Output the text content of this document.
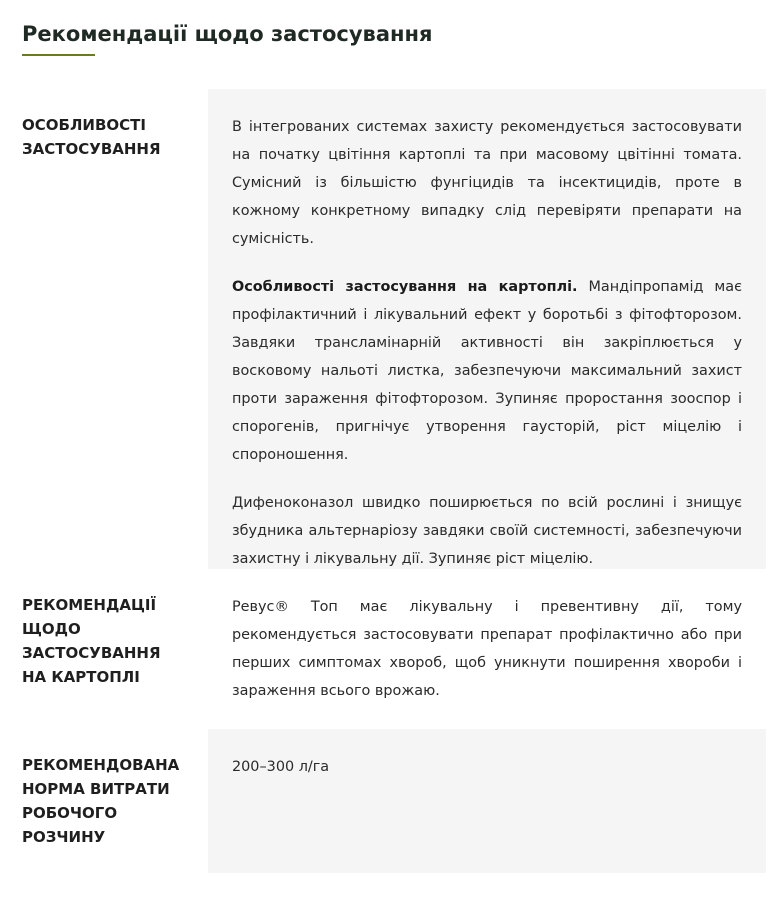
Рекомендації щодо застосування
ОСОБЛИВОСТІ ЗАСТОСУВАННЯ

В інтегрованих системах захисту рекомендується застосовувати на початку цвітіння картоплі та при масовому цвітінні томата. Сумісний із більшістю фунгіцидів та інсектицидів, проте в кожному конкретному випадку слід перевіряти препарати на сумісність.

Особливості застосування на картоплі. Мандіпропамід має профілактичний і лікувальний ефект у боротьбі з фітофторозом. Завдяки транcламінарній активності він закріплюється у восковому нальоті листка, забезпечуючи максимальний захист проти зараження фітофторозом. Зупиняє проростання зооспор і спорогенів, пригнічує утворення гаусторій, ріст міцелію і спороношення.

Дифеноконазол швидко поширюється по всій рослині і знищує збудника альтернаріозу завдяки своїй системності, забезпечуючи захистну і лікувальну дії. Зупиняє ріст міцелію.

РЕКОМЕНДАЦІЇ ЩОДО ЗАСТОСУВАННЯ НА КАРТОПЛІ

Ревус® Топ має лікувальну і превентивну дії, тому рекомендується застосовувати препарат профілактично або при перших симптомах хвороб, щоб уникнути поширення хвороби і зараження всього врожаю.

РЕКОМЕНДОВАНА НОРМА ВИТРАТИ РОБОЧОГО РОЗЧИНУ

200–300 л/га
